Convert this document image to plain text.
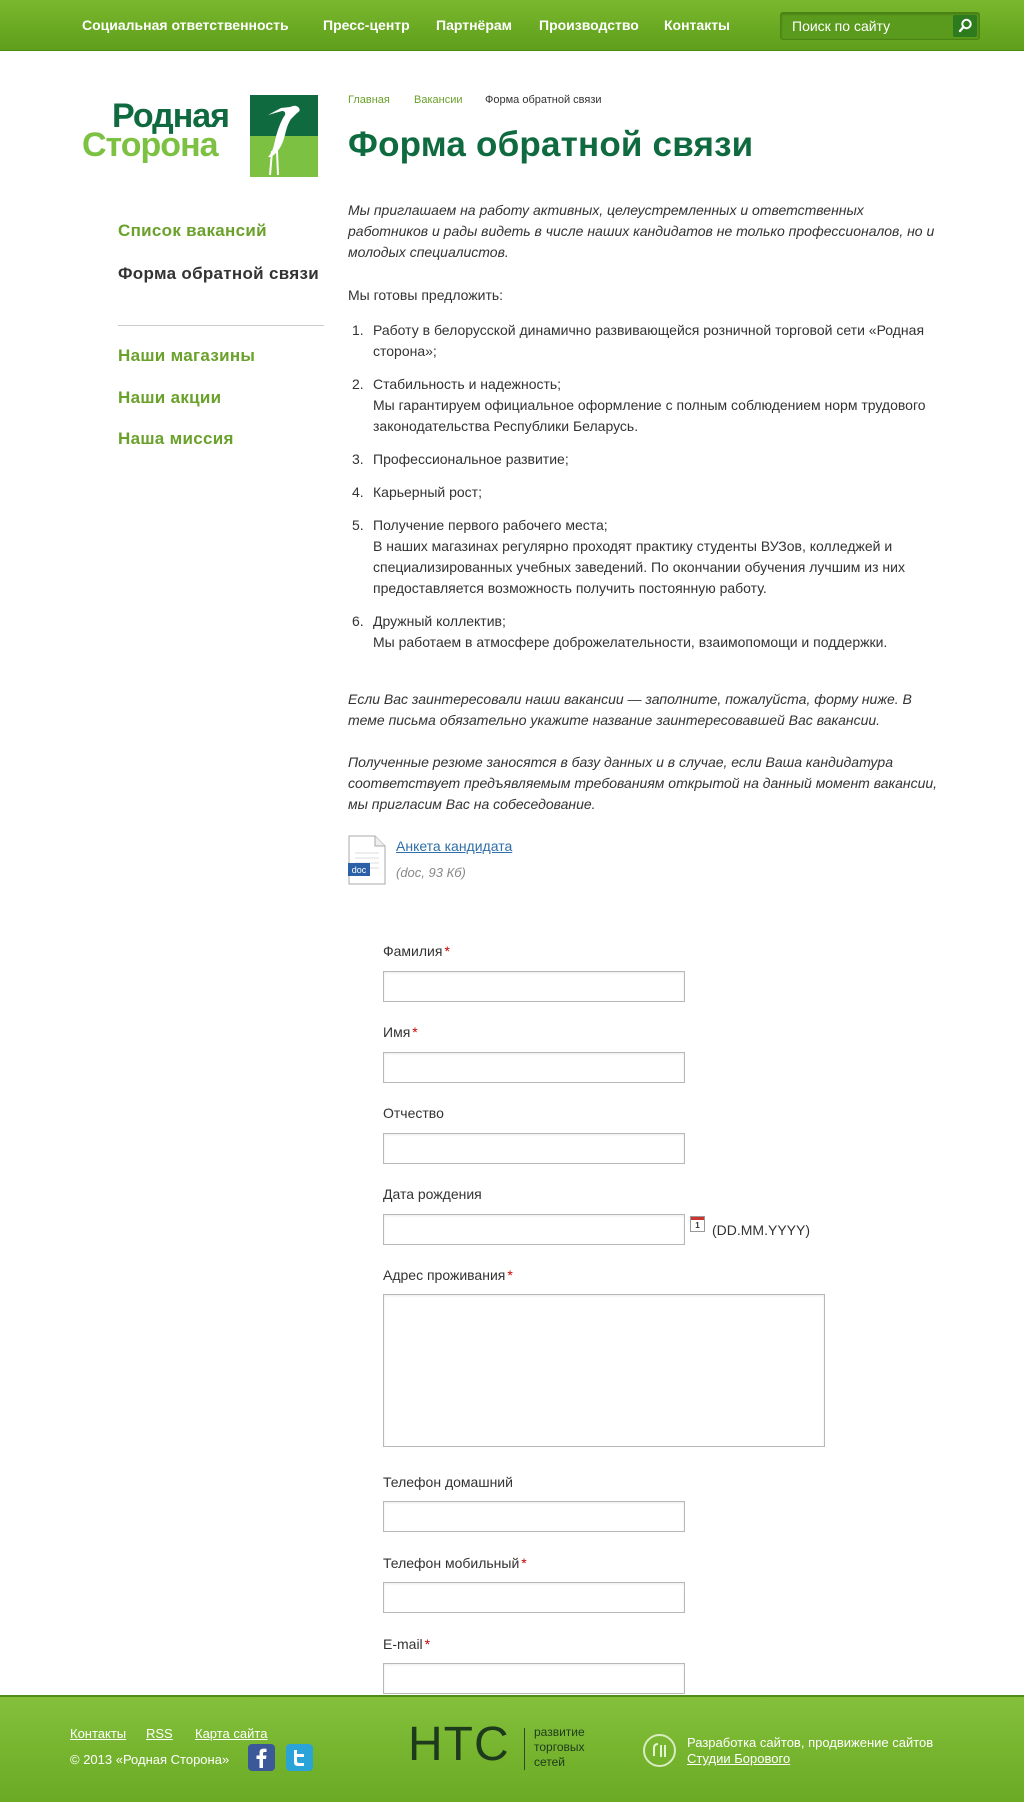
Социальная ответственность Пресс-центр Партнёрам Производство Контакты
Поиск по сайту
Родная
Сторона
Список вакансий
Форма обратной связи
Наши магазины
Наши акции
Наша миссия
Главная Вакансии Форма обратной связи
Форма обратной связи

Мы приглашаем на работу активных, целеустремленных и ответственных работников и рады видеть в числе наших кандидатов не только профессионалов, но и молодых специалистов.

Мы готовы предложить:

1. Работу в белорусской динамично развивающейся розничной торговой сети «Родная сторона»;
2. Стабильность и надежность;
Мы гарантируем официальное оформление с полным соблюдением норм трудового законодательства Республики Беларусь.
3. Профессиональное развитие;
4. Карьерный рост;
5. Получение первого рабочего места;
В наших магазинах регулярно проходят практику студенты ВУЗов, колледжей и специализированных учебных заведений. По окончании обучения лучшим из них предоставляется возможность получить постоянную работу.
6. Дружный коллектив;
Мы работаем в атмосфере доброжелательности, взаимопомощи и поддержки.

Если Вас заинтересовали наши вакансии — заполните, пожалуйста, форму ниже. В теме письма обязательно укажите название заинтересовавшей Вас вакансии.

Полученные резюме заносятся в базу данных и в случае, если Ваша кандидатура соответствует предъявляемым требованиям открытой на данный момент вакансии, мы пригласим Вас на собеседование.

doc
Анкета кандидата
(doc, 93 Кб)
Фамилия *
Имя *
Отчество
Дата рождения
1 (DD.MM.YYYY)
Адрес проживания *
Телефон домашний
Телефон мобильный *
E-mail *
Контакты RSS Карта сайта
© 2013 «Родная Сторона»	НТС развитие
торговых
сетей
Разработка сайтов, продвижение сайтов
Студии Борового
